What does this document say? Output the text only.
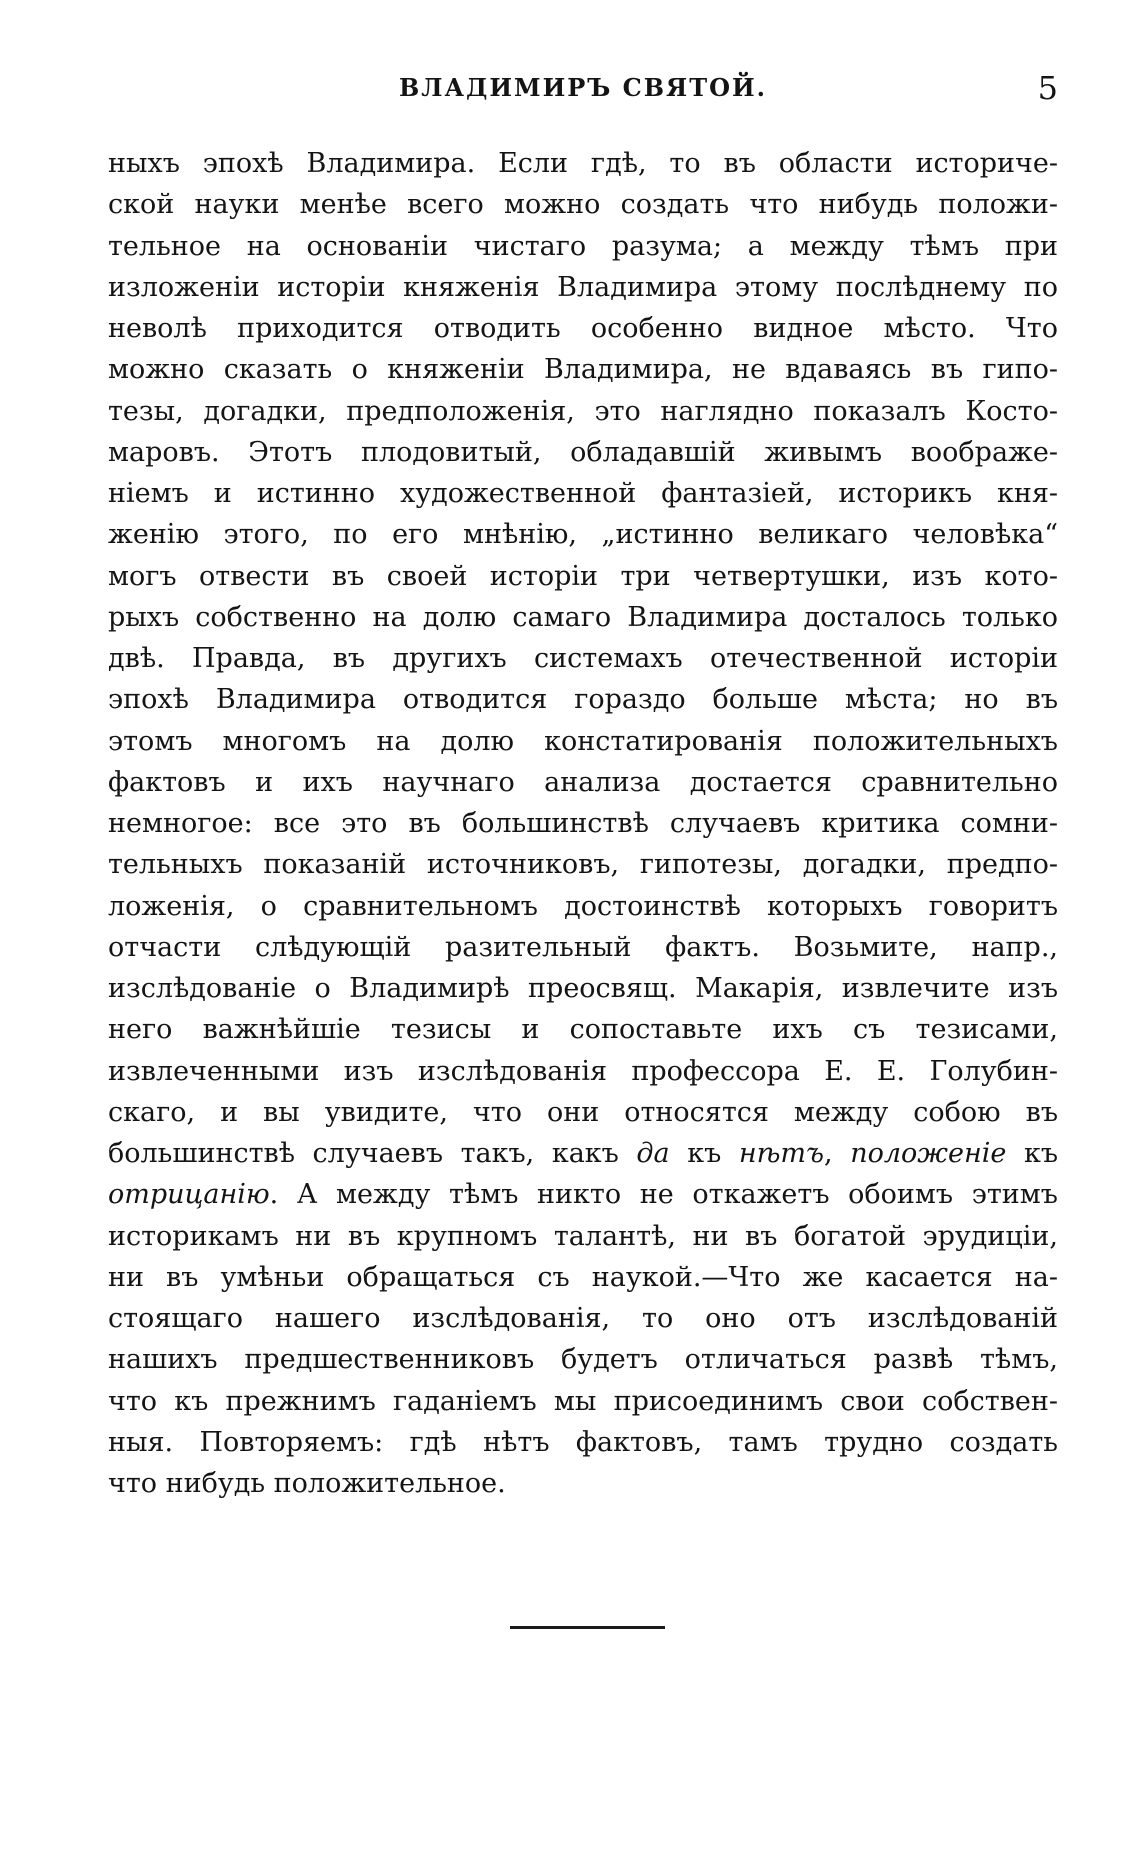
ВЛАДИМИРЪ СВЯТОЙ.	5
ныхъ эпохѣ Владимира. Если гдѣ, то въ области историче-
ской науки менѣе всего можно создать что нибудь положи-
тельное на основаніи чистаго разума; а между тѣмъ при
изложеніи исторіи княженія Владимира этому послѣднему по
неволѣ приходится отводить особенно видное мѣсто. Что
можно сказать о княженіи Владимира, не вдаваясь въ гипо-
тезы, догадки, предположенія, это наглядно показалъ Косто-
маровъ. Этотъ плодовитый, обладавшій живымъ воображе-
ніемъ и истинно художественной фантазіей, историкъ кня-
женію этого, по его мнѣнію, „истинно великаго человѣка“
могъ отвести въ своей исторіи три четвертушки, изъ кото-
рыхъ собственно на долю самаго Владимира досталось только
двѣ. Правда, въ другихъ системахъ отечественной исторіи
эпохѣ Владимира отводится гораздо больше мѣста; но въ
этомъ многомъ на долю констатированія положительныхъ
фактовъ и ихъ научнаго анализа достается сравнительно
немногое: все это въ большинствѣ случаевъ критика сомни-
тельныхъ показаній источниковъ, гипотезы, догадки, предпо-
ложенія, о сравнительномъ достоинствѣ которыхъ говоритъ
отчасти слѣдующій разительный фактъ. Возьмите, напр.,
изслѣдованіе о Владимирѣ преосвящ. Макарія, извлечите изъ
него важнѣйшіе тезисы и сопоставьте ихъ съ тезисами,
извлеченными изъ изслѣдованія профессора Е. Е. Голубин-
скаго, и вы увидите, что они относятся между собою въ
большинствѣ случаевъ такъ, какъ да къ нѣтъ, положеніе къ
отрицанію. А между тѣмъ никто не откажетъ обоимъ этимъ
историкамъ ни въ крупномъ талантѣ, ни въ богатой эрудиціи,
ни въ умѣньи обращаться съ наукой.—Что же касается на-
стоящаго нашего изслѣдованія, то оно отъ изслѣдованій
нашихъ предшественниковъ будетъ отличаться развѣ тѣмъ,
что къ прежнимъ гаданіемъ мы присоединимъ свои собствен-
ныя. Повторяемъ: гдѣ нѣтъ фактовъ, тамъ трудно создать
что нибудь положительное.
